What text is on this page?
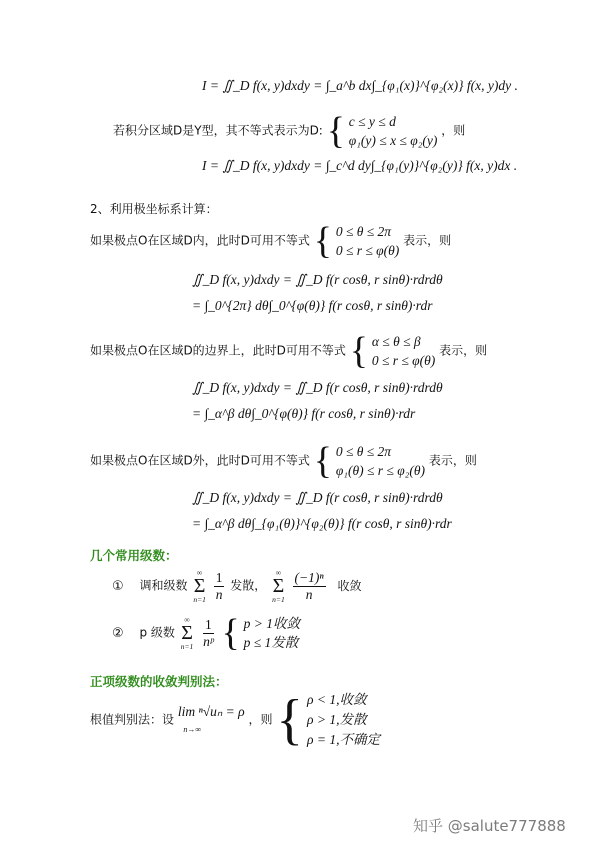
I = ∬_D f(x, y)dxdy = ∫_a^b dx∫_{φ₁(x)}^{φ₂(x)} f(x, y)dy .
若积分区域D是Y型，其不等式表示为D: { c ≤ y ≤ d
φ₁(y) ≤ x ≤ φ₂(y)
，则
I = ∬_D f(x, y)dxdy = ∫_c^d dy∫_{φ₁(y)}^{φ₂(y)} f(x, y)dx .
2、利用极坐标系计算：
如果极点O在区域D内，此时D可用不等式 { 0 ≤ θ ≤ 2π
0 ≤ r ≤ φ(θ)
表示，则
∬_D f(x, y)dxdy = ∬_D f(r cosθ, r sinθ)·rdrdθ
= ∫_0^{2π} dθ∫_0^{φ(θ)} f(r cosθ, r sinθ)·rdr
如果极点O在区域D的边界上，此时D可用不等式 { α ≤ θ ≤ β
0 ≤ r ≤ φ(θ)
表示，则
∬_D f(x, y)dxdy = ∬_D f(r cosθ, r sinθ)·rdrdθ
= ∫_α^β dθ∫_0^{φ(θ)} f(r cosθ, r sinθ)·rdr
如果极点O在区域D外，此时D可用不等式 { 0 ≤ θ ≤ 2π
φ₁(θ) ≤ r ≤ φ₂(θ)
表示，则
∬_D f(x, y)dxdy = ∬_D f(r cosθ, r sinθ)·rdrdθ
= ∫_α^β dθ∫_{φ₁(θ)}^{φ₂(θ)} f(r cosθ, r sinθ)·rdr
几个常用级数：
① 调和级数
∞
Σ
n=1
$\frac{1}{n}$ 发散，
∞
Σ
n=1
$\frac{\text{(−1)ⁿ}}{n}$ 收敛
② p 级数
∞
Σ
n=1
$\frac{1}{\text{nᵖ}}$ { p > 1收敛
p ≤ 1发散
正项级数的收敛判别法：
根值判别法：设 lim ⁿ√uₙ = ρ
n→∞ ，则 { ρ < 1,收敛
ρ > 1,发散
ρ = 1,不确定
知乎 @salute777888
